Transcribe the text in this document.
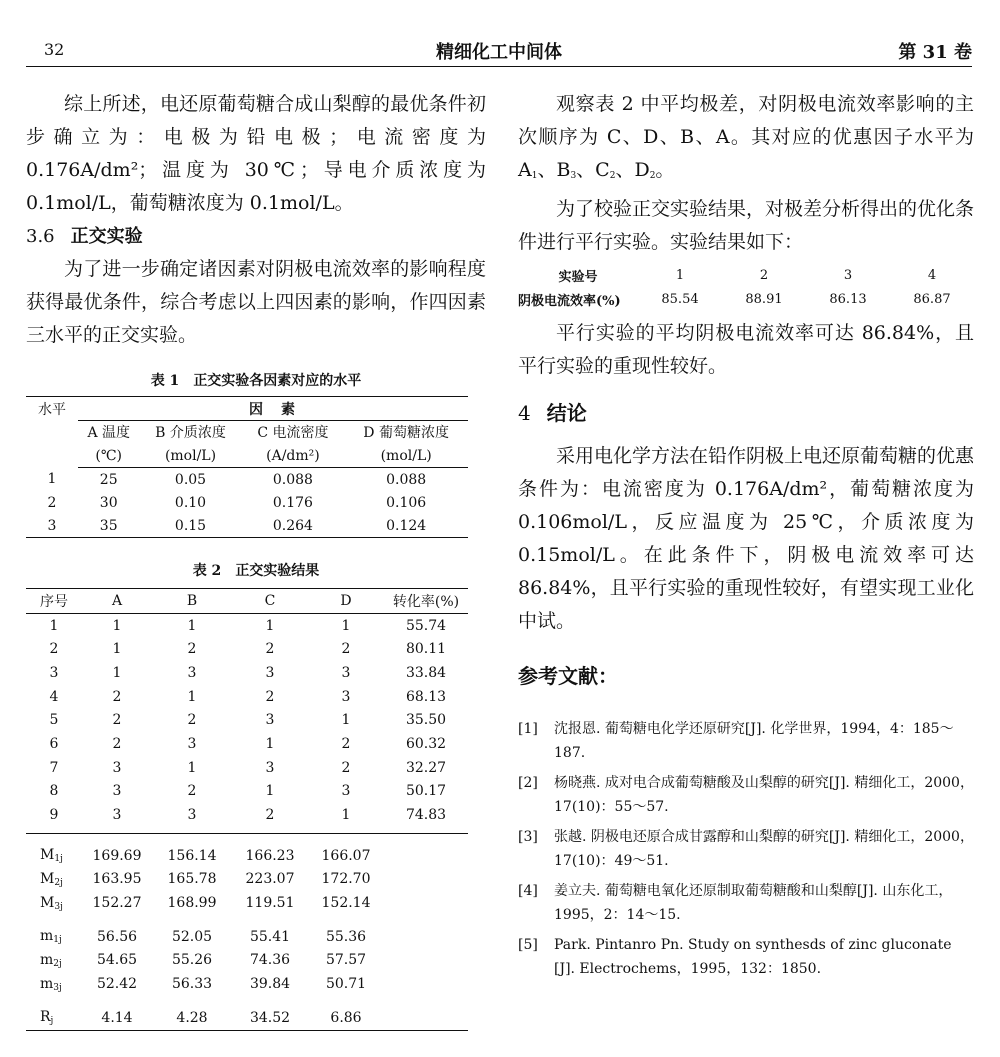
32	精细化工中间体	第 31 卷

综上所述，电还原葡萄糖合成山梨醇的最优条件初步确立为：电极为铅电极；电流密度为 0.176A/dm²；温度为 30℃；导电介质浓度为 0.1mol/L，葡萄糖浓度为 0.1mol/L。

3.6 正交实验

为了进一步确定诸因素对阴极电流效率的影响程度获得最优条件，综合考虑以上四因素的影响，作四因素三水平的正交实验。

表 1 正交实验各因素对应的水平

水平	因　素			
	A 温度	B 介质浓度	C 电流密度	D 葡萄糖浓度
	(℃)	(mol/L)	(A/dm²)	(mol/L)
1	25	0.05	0.088	0.088
2	30	0.10	0.176	0.106
3	35	0.15	0.264	0.124

表 2 正交实验结果

序号	A	B	C	D	转化率(%)
1	1	1	1	1	55.74
2	1	2	2	2	80.11
3	1	3	3	3	33.84
4	2	1	2	3	68.13
5	2	2	3	1	35.50
6	2	3	1	2	60.32
7	3	1	3	2	32.27
8	3	2	1	3	50.17
9	3	3	2	1	74.83

$M_{1j}$	169.69	156.14	166.23	166.07	
$M_{2j}$	163.95	165.78	223.07	172.70	
$M_{3j}$	152.27	168.99	119.51	152.14	

$m_{1j}$	56.56	52.05	55.41	55.36	
$m_{2j}$	54.65	55.26	74.36	57.57	
$m_{3j}$	52.42	56.33	39.84	50.71	

$R_j$	4.14	4.28	34.52	6.86	

观察表 2 中平均极差，对阴极电流效率影响的主次顺序为 C、D、B、A。其对应的优惠因子水平为 $A_1$、$B_3$、$C_2$、$D_2$。

为了校验正交实验结果，对极差分析得出的优化条件进行平行实验。实验结果如下：

实验号	1	2	3	4
阴极电流效率(%)	85.54	88.91	86.13	86.87

平行实验的平均阴极电流效率可达 86.84%，且平行实验的重现性较好。

4 结论

采用电化学方法在铅作阴极上电还原葡萄糖的优惠条件为：电流密度为 0.176A/dm²，葡萄糖浓度为 0.106mol/L，反应温度为 25℃，介质浓度为 0.15mol/L。在此条件下，阴极电流效率可达 86.84%，且平行实验的重现性较好，有望实现工业化中试。

参考文献：

[1]	沈报恩. 葡萄糖电化学还原研究[J]. 化学世界，1994，4：185～187.
[2]	杨晓燕. 成对电合成葡萄糖酸及山梨醇的研究[J]. 精细化工，2000，17(10)：55～57.
[3]	张越. 阴极电还原合成甘露醇和山梨醇的研究[J]. 精细化工，2000，17(10)：49～51.
[4]	姜立夫. 葡萄糖电氧化还原制取葡萄糖酸和山梨醇[J]. 山东化工，1995，2：14～15.
[5]	Park. Pintanro Pn. Study on synthesds of zinc gluconate [J]. Electrochems，1995，132：1850.
